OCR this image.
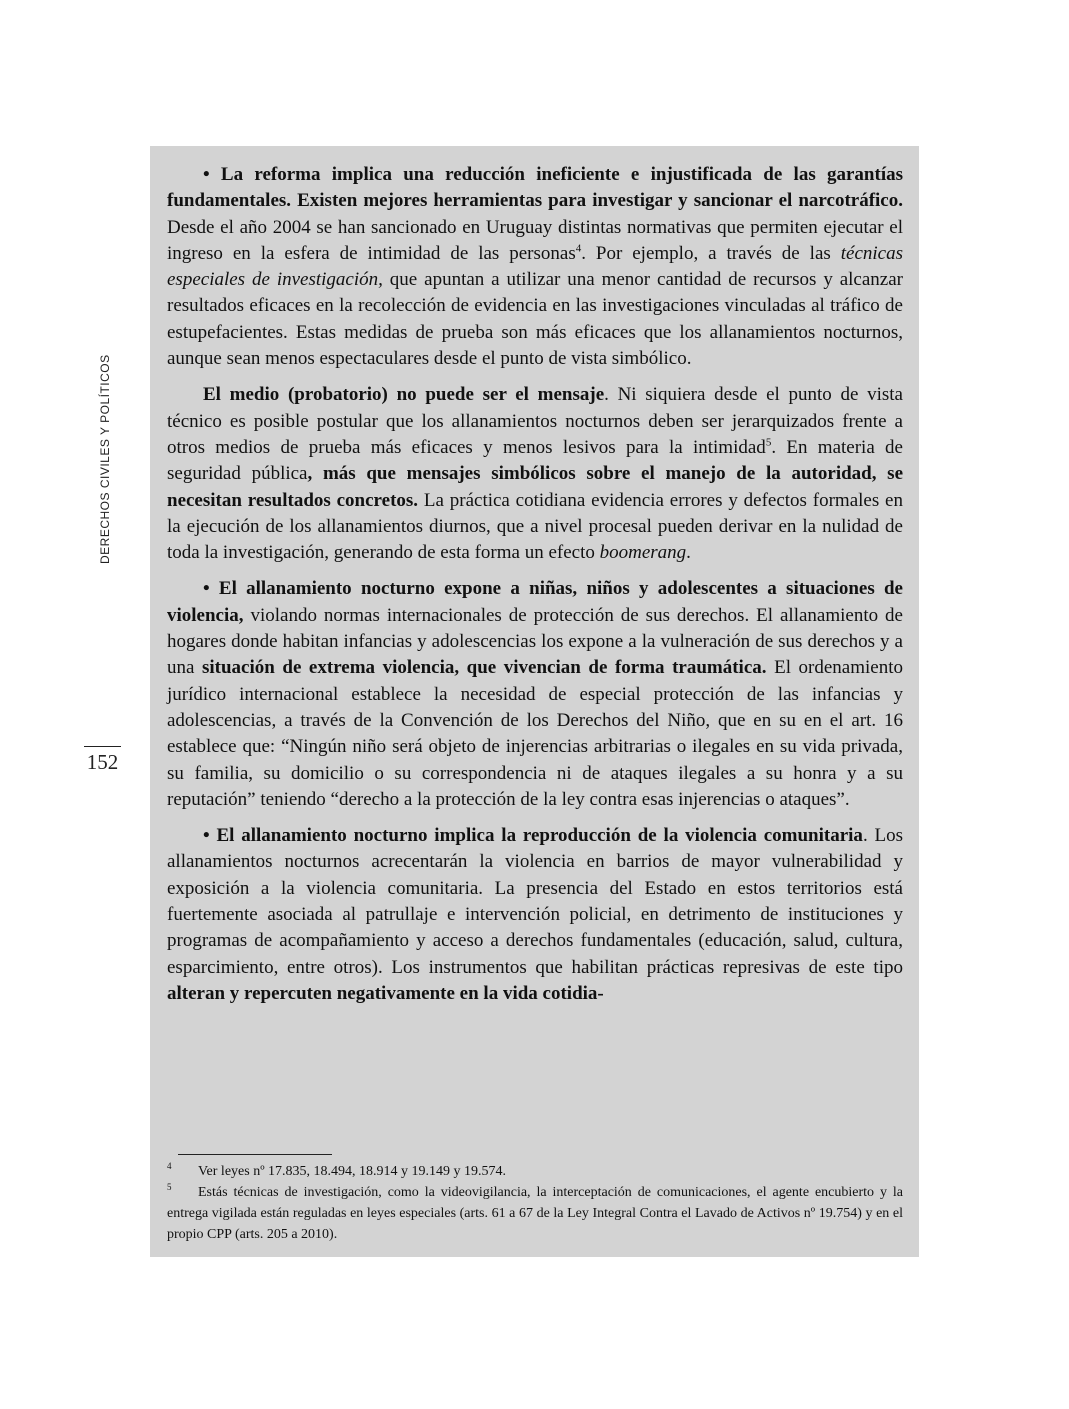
DERECHOS CIVILES Y POLÍTICOS
152

• La reforma implica una reducción ineficiente e injustificada de las garantías fundamentales. Existen mejores herramientas para investigar y sancionar el narcotráfico. Desde el año 2004 se han sancionado en Uruguay distintas normativas que permiten ejecutar el ingreso en la esfera de intimidad de las personas$^4$. Por ejemplo, a través de las técnicas especiales de investigación, que apuntan a utilizar una menor cantidad de recursos y alcanzar resultados eficaces en la recolección de evidencia en las investigaciones vinculadas al tráfico de estupefacientes. Estas medidas de prueba son más eficaces que los allanamientos nocturnos, aunque sean menos espectaculares desde el punto de vista simbólico.

El medio (probatorio) no puede ser el mensaje. Ni siquiera desde el punto de vista técnico es posible postular que los allanamientos nocturnos deben ser jerarquizados frente a otros medios de prueba más eficaces y menos lesivos para la intimidad$^5$. En materia de seguridad pública, más que mensajes simbólicos sobre el manejo de la autoridad, se necesitan resultados concretos. La práctica cotidiana evidencia errores y defectos formales en la ejecución de los allanamientos diurnos, que a nivel procesal pueden derivar en la nulidad de toda la investigación, generando de esta forma un efecto boomerang.

• El allanamiento nocturno expone a niñas, niños y adolescentes a situaciones de violencia, violando normas internacionales de protección de sus derechos. El allanamiento de hogares donde habitan infancias y adolescencias los expone a la vulneración de sus derechos y a una situación de extrema violencia, que vivencian de forma traumática. El ordenamiento jurídico internacional establece la necesidad de especial protección de las infancias y adolescencias, a través de la Convención de los Derechos del Niño, que en su en el art. 16 establece que: “Ningún niño será objeto de injerencias arbitrarias o ilegales en su vida privada, su familia, su domicilio o su correspondencia ni de ataques ilegales a su honra y a su reputación” teniendo “derecho a la protección de la ley contra esas injerencias o ataques”.

• El allanamiento nocturno implica la reproducción de la violencia comunitaria. Los allanamientos nocturnos acrecentarán la violencia en barrios de mayor vulnerabilidad y exposición a la violencia comunitaria. La presencia del Estado en estos territorios está fuertemente asociada al patrullaje e intervención policial, en detrimento de instituciones y programas de acompañamiento y acceso a derechos fundamentales (educación, salud, cultura, esparcimiento, entre otros). Los instrumentos que habilitan prácticas represivas de este tipo alteran y repercuten negativamente en la vida cotidia-

4 Ver leyes nº 17.835, 18.494, 18.914 y 19.149 y 19.574.

5 Estás técnicas de investigación, como la videovigilancia, la interceptación de comunicaciones, el agente encubierto y la entrega vigilada están reguladas en leyes especiales (arts. 61 a 67 de la Ley Integral Contra el Lavado de Activos nº 19.754) y en el propio CPP (arts. 205 a 2010).
